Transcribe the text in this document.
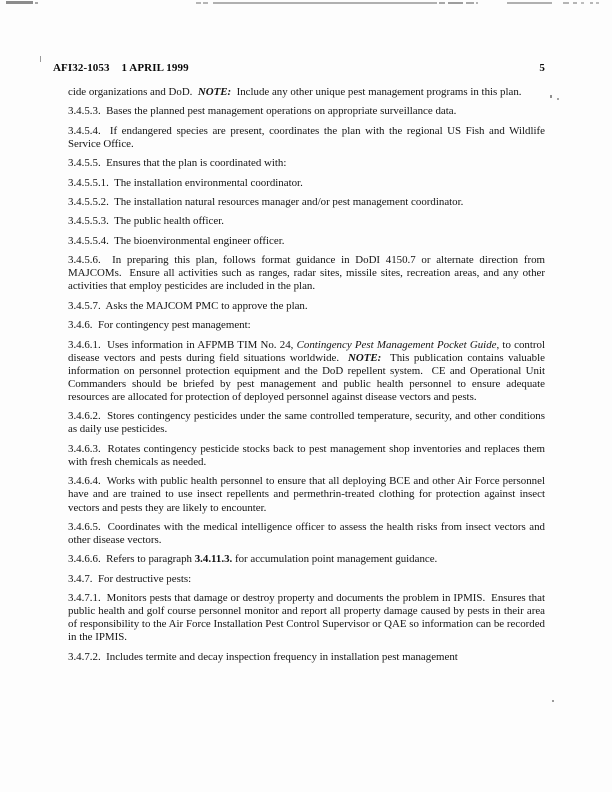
AFI32-1053 1 APRIL 1999	5

cide organizations and DoD.  NOTE:  Include any other unique pest management programs in this plan.

3.4.5.3.  Bases the planned pest management operations on appropriate surveillance data.

3.4.5.4.  If endangered species are present, coordinates the plan with the regional US Fish and Wildlife Service Office.

3.4.5.5.  Ensures that the plan is coordinated with:

3.4.5.5.1.  The installation environmental coordinator.

3.4.5.5.2.  The installation natural resources manager and/or pest management coordinator.

3.4.5.5.3.  The public health officer.

3.4.5.5.4.  The bioenvironmental engineer officer.

3.4.5.6.  In preparing this plan, follows format guidance in DoDI 4150.7 or alternate direction from MAJCOMs.  Ensure all activities such as ranges, radar sites, missile sites, recreation areas, and any other activities that employ pesticides are included in the plan.

3.4.5.7.  Asks the MAJCOM PMC to approve the plan.

3.4.6.  For contingency pest management:

3.4.6.1.  Uses information in AFPMB TIM No. 24, Contingency Pest Management Pocket Guide, to control disease vectors and pests during field situations worldwide.  NOTE:  This publication contains valuable information on personnel protection equipment and the DoD repellent system.  CE and Operational Unit Commanders should be briefed by pest management and public health personnel to ensure adequate resources are allocated for protection of deployed personnel against disease vectors and pests.

3.4.6.2.  Stores contingency pesticides under the same controlled temperature, security, and other conditions as daily use pesticides.

3.4.6.3.  Rotates contingency pesticide stocks back to pest management shop inventories and replaces them with fresh chemicals as needed.

3.4.6.4.  Works with public health personnel to ensure that all deploying BCE and other Air Force personnel have and are trained to use insect repellents and permethrin-treated clothing for protection against insect vectors and pests they are likely to encounter.

3.4.6.5.  Coordinates with the medical intelligence officer to assess the health risks from insect vectors and other disease vectors.

3.4.6.6.  Refers to paragraph 3.4.11.3. for accumulation point management guidance.

3.4.7.  For destructive pests:

3.4.7.1.  Monitors pests that damage or destroy property and documents the problem in IPMIS.  Ensures that public health and golf course personnel monitor and report all property damage caused by pests in their area of responsibility to the Air Force Installation Pest Control Supervisor or QAE so information can be recorded in the IPMIS.

3.4.7.2.  Includes termite and decay inspection frequency in installation pest management
